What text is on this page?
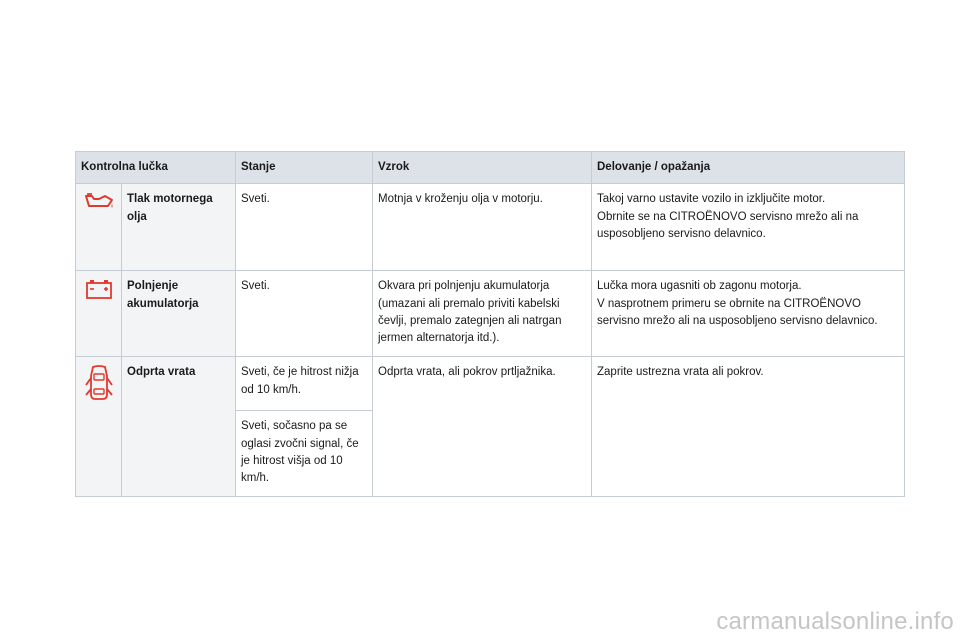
Kontrolna lučka		Stanje	Vzrok	Delovanje / opažanja

	Tlak motornega olja	Sveti.	Motnja v kroženju olja v motorju.	Takoj varno ustavite vozilo in izključite motor.
Obrnite se na CITROËNOVO servisno mrežo ali na usposobljeno servisno delavnico.

	Polnjenje akumulatorja	Sveti.	Okvara pri polnjenju akumulatorja (umazani ali premalo priviti kabelski čevlji, premalo zategnjen ali natrgan jermen alternatorja itd.).	Lučka mora ugasniti ob zagonu motorja.
V nasprotnem primeru se obrnite na CITROËNOVO servisno mrežo ali na usposobljeno servisno delavnico.

	Odprta vrata	Sveti, če je hitrost nižja od 10 km/h.	Odprta vrata, ali pokrov prtljažnika.	Zaprite ustrezna vrata ali pokrov.
		Sveti, sočasno pa se oglasi zvočni signal, če je hitrost višja od 10 km/h.		
carmanualsonline.info
